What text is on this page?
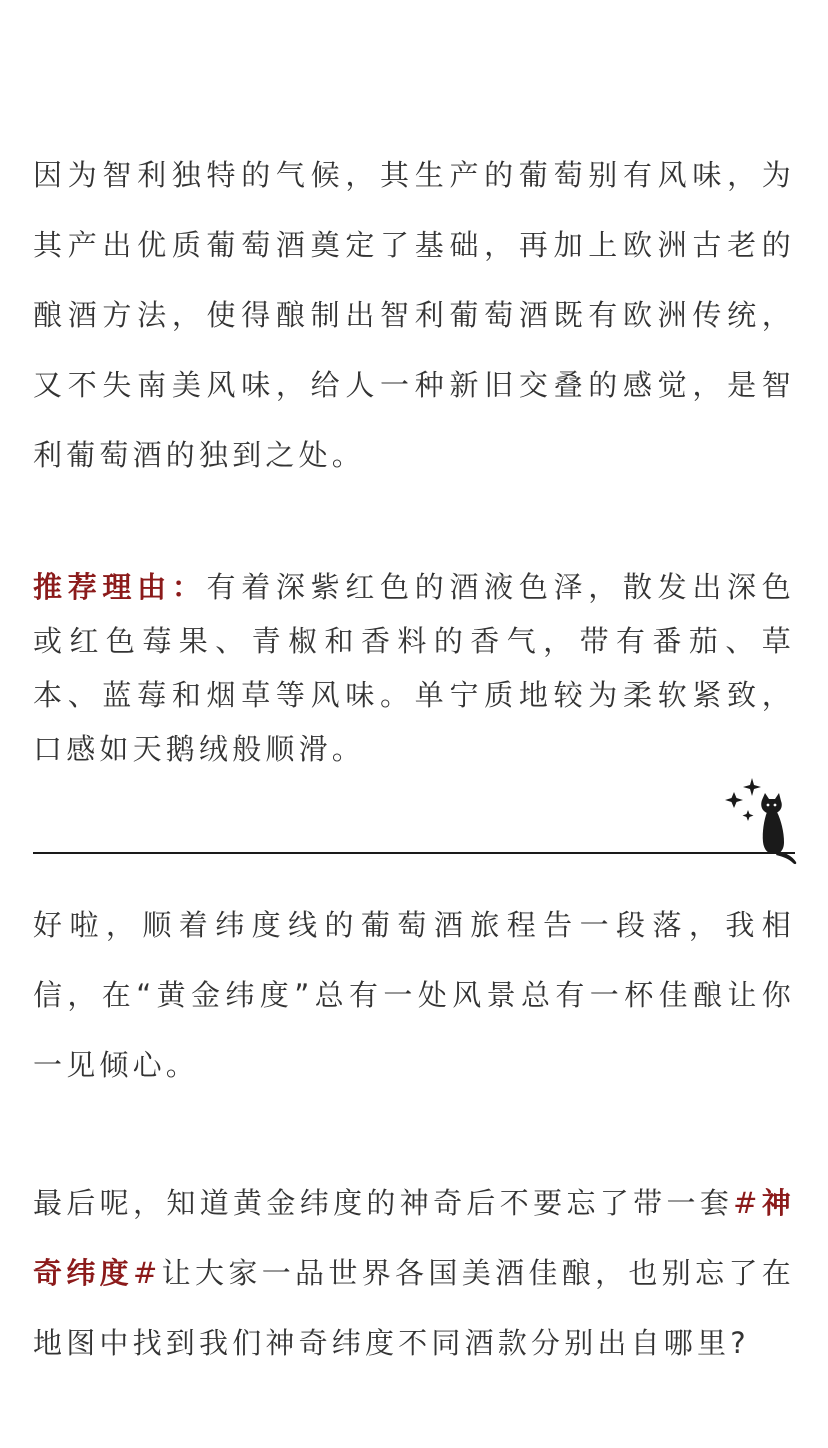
因为智利独特的气候，其生产的葡萄别有风味，为其产出优质葡萄酒奠定了基础，再加上欧洲古老的酿酒方法，使得酿制出智利葡萄酒既有欧洲传统，又不失南美风味，给人一种新旧交叠的感觉，是智利葡萄酒的独到之处。

推荐理由：有着深紫红色的酒液色泽，散发出深色或红色莓果、青椒和香料的香气，带有番茄、草本、蓝莓和烟草等风味。单宁质地较为柔软紧致，口感如天鹅绒般顺滑。

好啦，顺着纬度线的葡萄酒旅程告一段落，我相信，在“黄金纬度”总有一处风景总有一杯佳酿让你一见倾心。

最后呢，知道黄金纬度的神奇后不要忘了带一套#神奇纬度#让大家一品世界各国美酒佳酿，也别忘了在地图中找到我们神奇纬度不同酒款分别出自哪里?
